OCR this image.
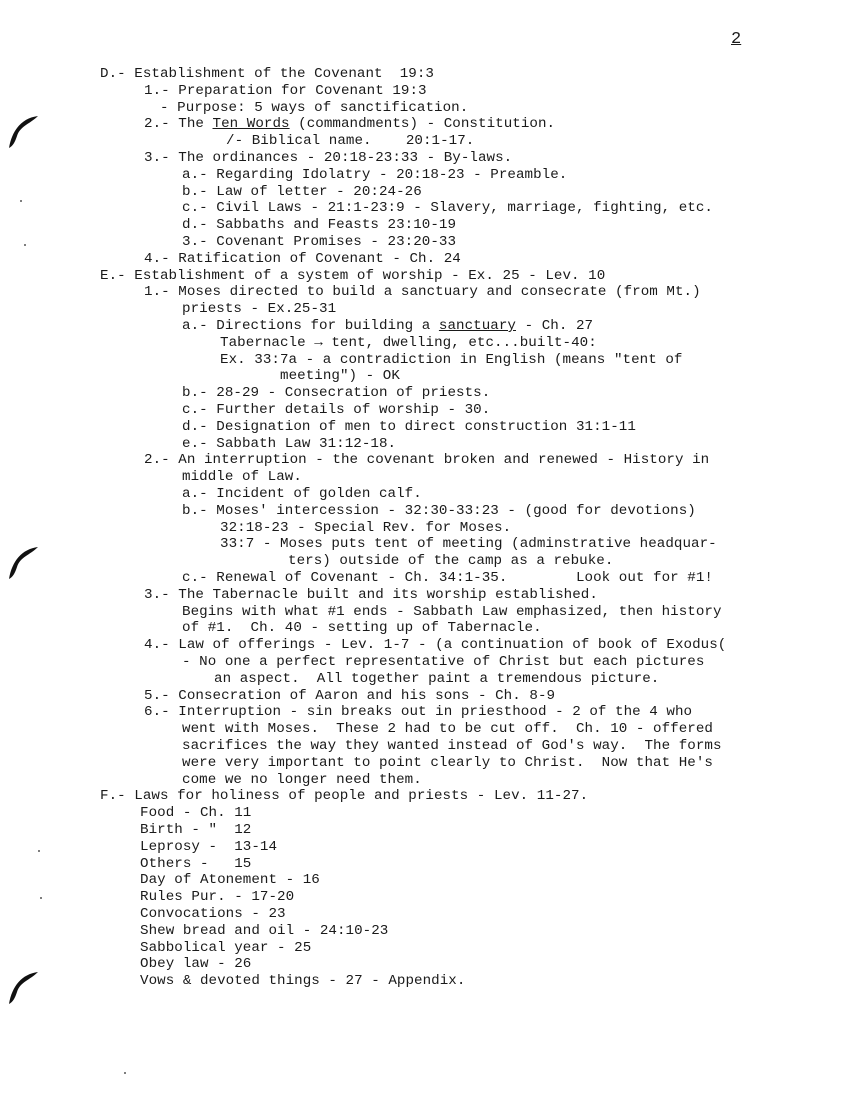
2
D.- Establishment of the Covenant  19:3
1.- Preparation for Covenant 19:3
- Purpose: 5 ways of sanctification.
2.- The Ten Words (commandments) - Constitution.
/- Biblical name.    20:1-17.
3.- The ordinances - 20:18-23:33 - By-laws.
a.- Regarding Idolatry - 20:18-23 - Preamble.
b.- Law of letter - 20:24-26
c.- Civil Laws - 21:1-23:9 - Slavery, marriage, fighting, etc.
d.- Sabbaths and Feasts 23:10-19
3.- Covenant Promises - 23:20-33
4.- Ratification of Covenant - Ch. 24
E.- Establishment of a system of worship - Ex. 25 - Lev. 10
1.- Moses directed to build a sanctuary and consecrate (from Mt.)
priests - Ex.25-31
a.- Directions for building a sanctuary - Ch. 27
Tabernacle → tent, dwelling, etc...built-40:
Ex. 33:7a - a contradiction in English (means "tent of
meeting") - OK
b.- 28-29 - Consecration of priests.
c.- Further details of worship - 30.
d.- Designation of men to direct construction 31:1-11
e.- Sabbath Law 31:12-18.
2.- An interruption - the covenant broken and renewed - History in
middle of Law.
a.- Incident of golden calf.
b.- Moses' intercession - 32:30-33:23 - (good for devotions)
32:18-23 - Special Rev. for Moses.
33:7 - Moses puts tent of meeting (adminstrative headquar-
ters) outside of the camp as a rebuke.
c.- Renewal of Covenant - Ch. 34:1-35.        Look out for #1!
3.- The Tabernacle built and its worship established.
Begins with what #1 ends - Sabbath Law emphasized, then history
of #1.  Ch. 40 - setting up of Tabernacle.
4.- Law of offerings - Lev. 1-7 - (a continuation of book of Exodus(
- No one a perfect representative of Christ but each pictures
an aspect.  All together paint a tremendous picture.
5.- Consecration of Aaron and his sons - Ch. 8-9
6.- Interruption - sin breaks out in priesthood - 2 of the 4 who
went with Moses.  These 2 had to be cut off.  Ch. 10 - offered
sacrifices the way they wanted instead of God's way.  The forms
were very important to point clearly to Christ.  Now that He's
come we no longer need them.
F.- Laws for holiness of people and priests - Lev. 11-27.
Food - Ch. 11
Birth - "  12
Leprosy -  13-14
Others -   15
Day of Atonement - 16
Rules Pur. - 17-20
Convocations - 23
Shew bread and oil - 24:10-23
Sabbolical year - 25
Obey law - 26
Vows & devoted things - 27 - Appendix.
